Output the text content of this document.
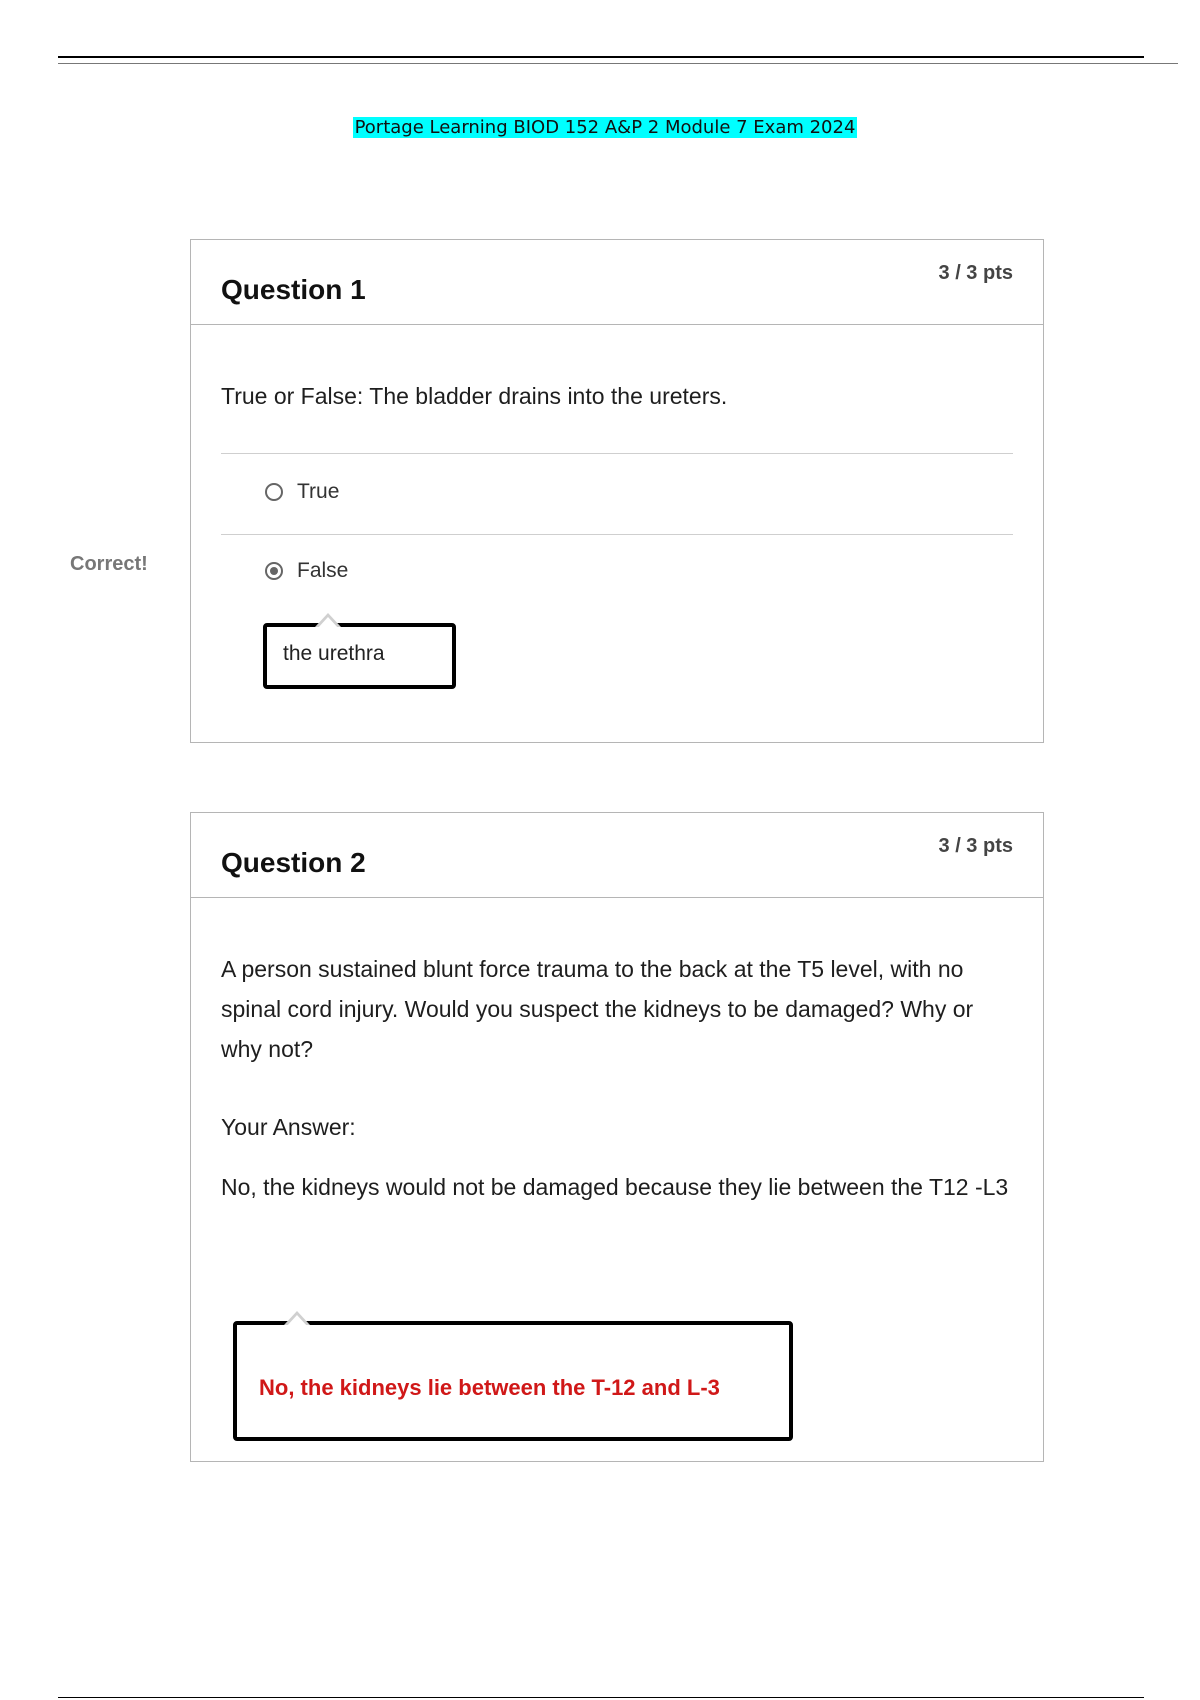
Portage Learning BIOD 152 A&P 2 Module 7 Exam 2024
Question 1
3 / 3 pts
True or False: The bladder drains into the ureters.
True
False
the urethra
Correct!
Question 2
3 / 3 pts
A person sustained blunt force trauma to the back at the T5 level, with no spinal cord injury. Would you suspect the kidneys to be damaged? Why or why not?
Your Answer:
No, the kidneys would not be damaged because they lie between the T12 -L3
No, the kidneys lie between the T-12 and L-3
